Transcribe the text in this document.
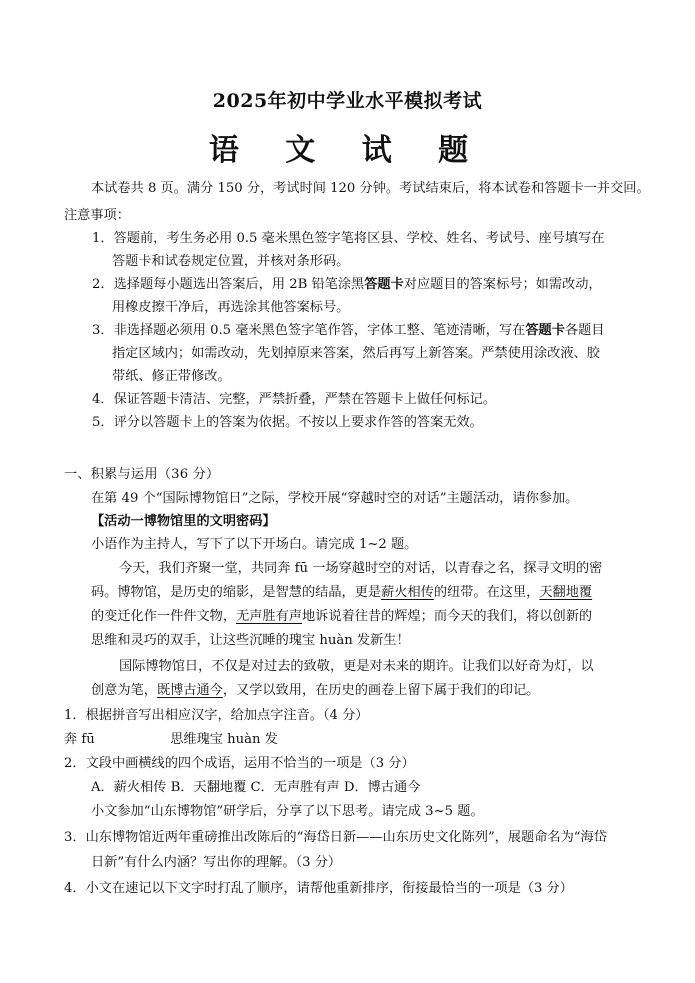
2025年初中学业水平模拟考试
语 文 试 题
本试卷共 8 页。满分 150 分，考试时间 120 分钟。考试结束后，将本试卷和答题卡一并交回。
注意事项：
1．答题前，考生务必用 0.5 毫米黑色签字笔将区县、学校、姓名、考试号、座号填写在
答题卡和试卷规定位置，并核对条形码。
2．选择题每小题选出答案后，用 2B 铅笔涂黑答题卡对应题目的答案标号；如需改动，
用橡皮擦干净后，再选涂其他答案标号。
3．非选择题必须用 0.5 毫米黑色签字笔作答，字体工整、笔迹清晰，写在答题卡各题目
指定区域内；如需改动，先划掉原来答案，然后再写上新答案。严禁使用涂改液、胶
带纸、修正带修改。
4．保证答题卡清洁、完整，严禁折叠，严禁在答题卡上做任何标记。
5．评分以答题卡上的答案为依据。不按以上要求作答的答案无效。
一、积累与运用（36 分）
在第 49 个“国际博物馆日”之际，学校开展“穿越时空的对话”主题活动，请你参加。
【活动一博物馆里的文明密码】
小语作为主持人，写下了以下开场白。请完成 1~2 题。
今天，我们齐聚一堂，共同奔 fū 一场穿越时空的对话，以青春之名，探寻文明的密
码。博物馆，是历史的缩影，是智慧的结晶，更是薪火相传的纽带。在这里，天翻地覆
的变迁化作一件件文物，无声胜有声地诉说着往昔的辉煌；而今天的我们，将以创新的
思维和灵巧的双手，让这些沉睡的瑰宝 huàn 发新生！
国际博物馆日，不仅是对过去的致敬，更是对未来的期许。让我们以好奇为灯，以
创意为笔，既博古通今，又学以致用，在历史的画卷上留下属于我们的印记。
1．根据拼音写出相应汉字，给加点字注音。（4 分）
奔 fū                  思维瑰宝 huàn 发
2．文段中画横线的四个成语，运用不恰当的一项是（3 分）
A．薪火相传 B．天翻地覆 C．无声胜有声 D．博古通今
小文参加“山东博物馆”研学后，分享了以下思考。请完成 3~5 题。
3．山东博物馆近两年重磅推出改陈后的“海岱日新——山东历史文化陈列”，展题命名为“海岱
日新”有什么内涵？写出你的理解。（3 分）
4．小文在速记以下文字时打乱了顺序，请帮他重新排序，衔接最恰当的一项是（3 分）
